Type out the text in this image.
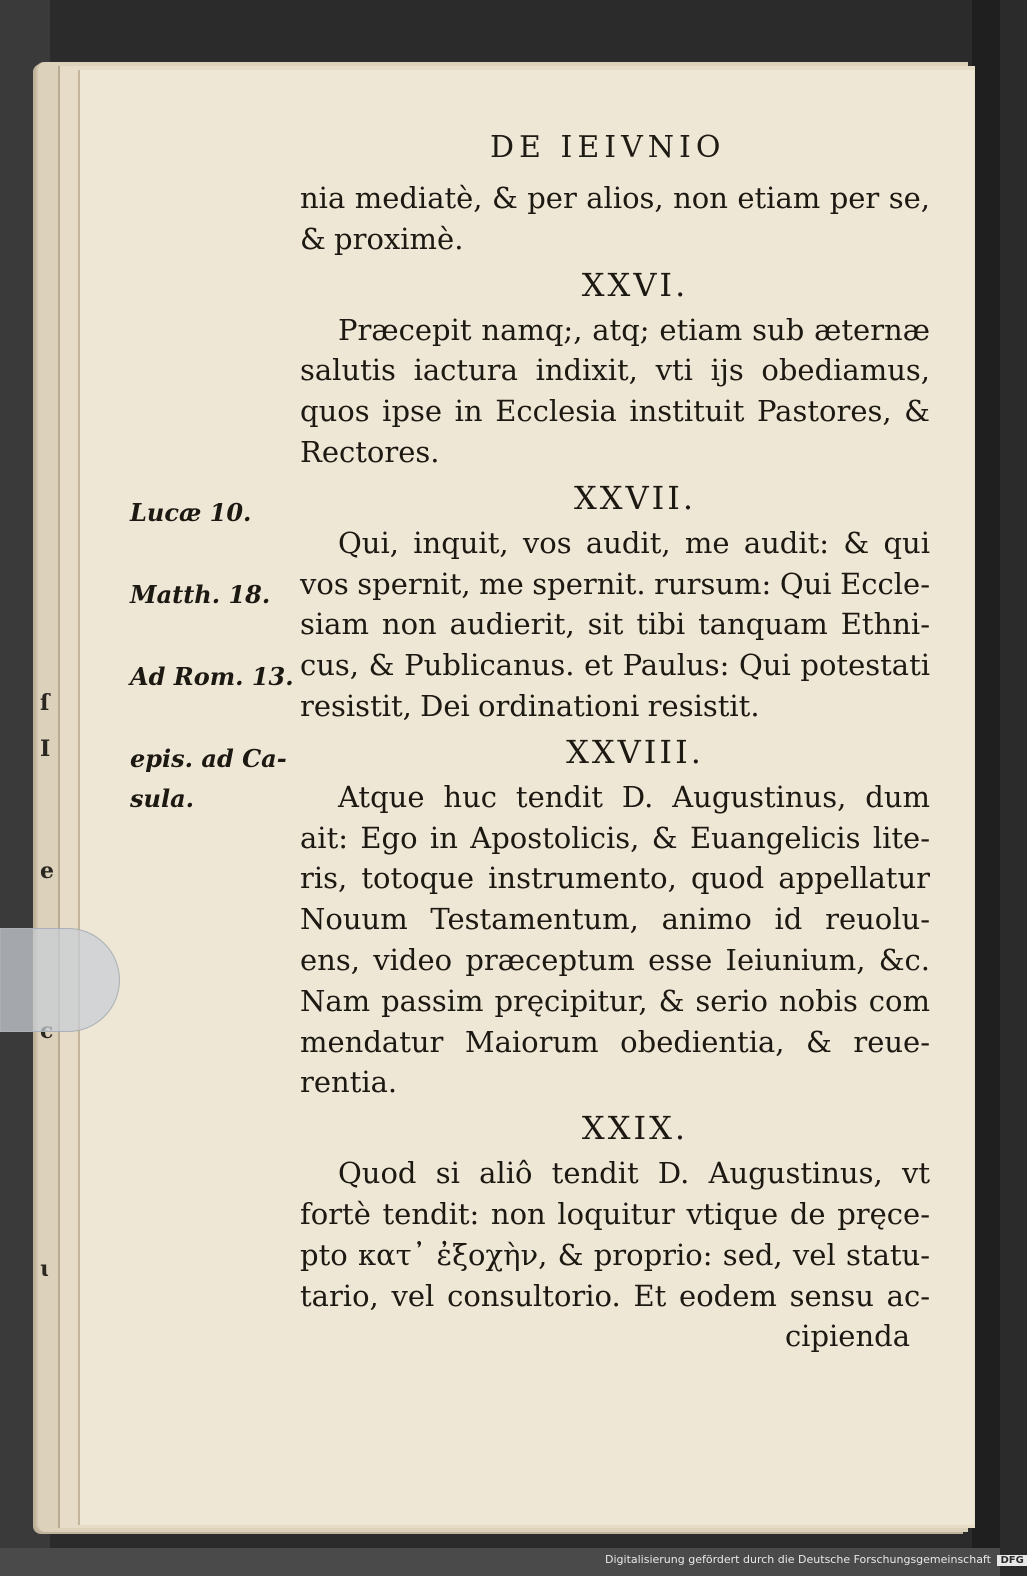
ſ
I
e
ɩ
DE IEIVNIO
Lucæ 10.
Matth. 18.
Ad Rom. 13.
epis. ad Ca-
sula.
nia mediatè, & per alios, non etiam per se,
& proximè.
XXVI.
Præcepit namq;, atq; etiam sub æternæ
salutis iactura indixit, vti ijs obediamus,
quos ipse in Ecclesia instituit Pastores, &
Rectores.
XXVII.
Qui, inquit, vos audit, me audit: & qui
vos spernit, me spernit. rursum: Qui Eccle-
siam non audierit, sit tibi tanquam Ethni-
cus, & Publicanus. et Paulus: Qui potestati
resistit, Dei ordinationi resistit.
XXVIII.
Atque huc tendit D. Augustinus, dum
ait: Ego in Apostolicis, & Euangelicis lite-
ris, totoque instrumento, quod appellatur
Nouum Testamentum, animo id reuolu-
ens, video præceptum esse Ieiunium, &c.
Nam passim pręcipitur, & serio nobis com
mendatur Maiorum obedientia, & reue-
rentia.
XXIX.
Quod si aliô tendit D. Augustinus, vt
fortè tendit: non loquitur vtique de pręce-
pto κατ᾽ ἐξοχὴν, & proprio: sed, vel statu-
tario, vel consultorio. Et eodem sensu ac-
cipienda
Digitalisierung gefördert durch die Deutsche Forschungsgemeinschaft DFG
